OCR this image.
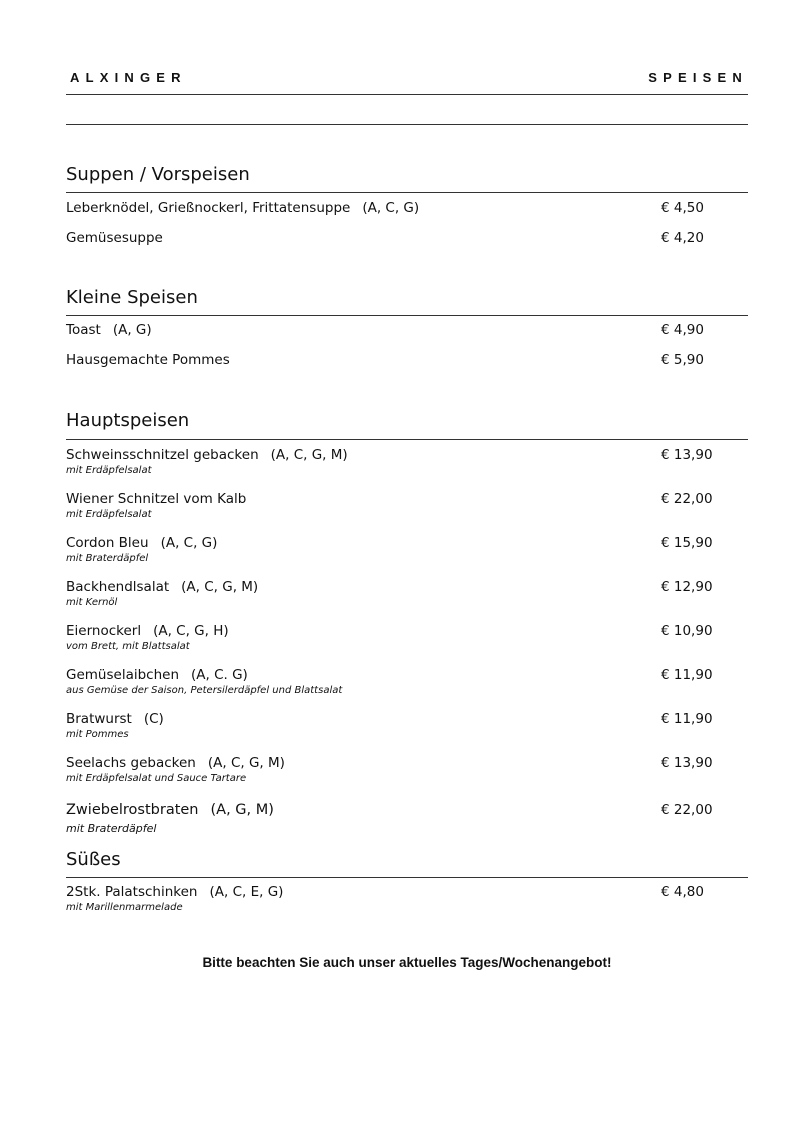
ALXINGER	SPEISEN
Suppen / Vorspeisen
Leberknödel, Grießnockerl, Frittatensuppe (A, C, G)	€ 4,50
Gemüsesuppe	€ 4,20
Kleine Speisen
Toast (A, G)	€ 4,90
Hausgemachte Pommes	€ 5,90
Hauptspeisen
Schweinsschnitzel gebacken (A, C, G, M)
mit Erdäpfelsalat
€ 13,90
Wiener Schnitzel vom Kalb
mit Erdäpfelsalat
€ 22,00
Cordon Bleu (A, C, G)
mit Braterdäpfel
€ 15,90
Backhendlsalat (A, C, G, M)
mit Kernöl
€ 12,90
Eiernockerl (A, C, G, H)
vom Brett, mit Blattsalat
€ 10,90
Gemüselaibchen (A, C. G)
aus Gemüse der Saison, Petersilerdäpfel und Blattsalat
€ 11,90
Bratwurst (C)
mit Pommes
€ 11,90
Seelachs gebacken (A, C, G, M)
mit Erdäpfelsalat und Sauce Tartare
€ 13,90
Zwiebelrostbraten (A, G, M)
mit Braterdäpfel
€ 22,00
Süßes
2Stk. Palatschinken (A, C, E, G)
mit Marillenmarmelade
€ 4,80
Bitte beachten Sie auch unser aktuelles Tages/Wochenangebot!
